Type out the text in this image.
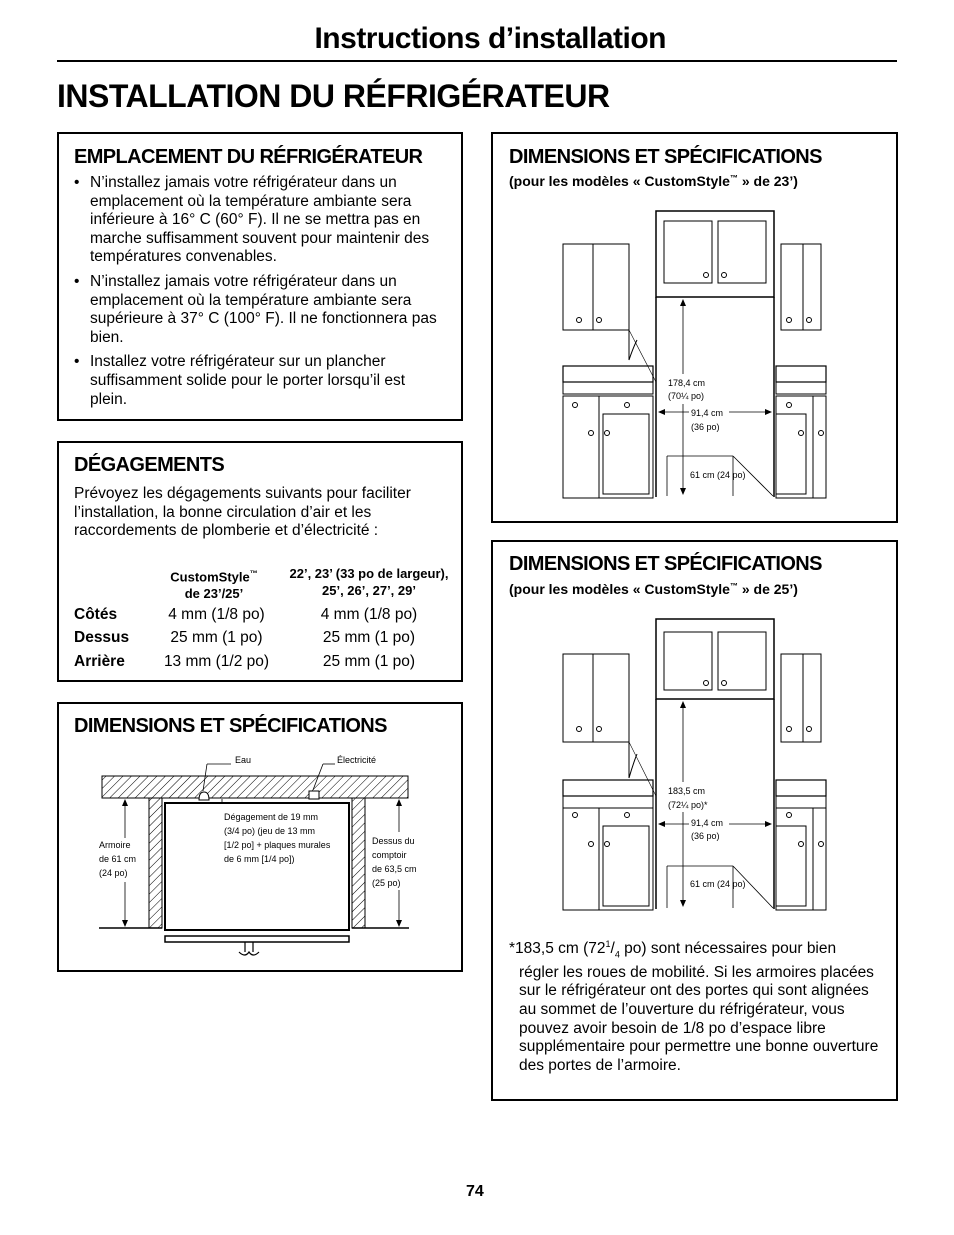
Instructions d’installation
INSTALLATION DU RÉFRIGÉRATEUR
EMPLACEMENT DU RÉFRIGÉRATEUR
• N’installez jamais votre réfrigérateur dans un emplacement où la température ambiante sera inférieure à 16° C (60° F). Il ne se mettra pas en marche suffisamment souvent pour maintenir des températures convenables.
• N’installez jamais votre réfrigérateur dans un emplacement où la température ambiante sera supérieure à 37° C (100° F). Il ne fonctionnera pas bien.
• Installez votre réfrigérateur sur un plancher suffisamment solide pour le porter lorsqu’il est plein.
DÉGAGEMENTS
Prévoyez les dégagements suivants pour faciliter l’installation, la bonne circulation d’air et les raccordements de plomberie et d’électricité :
CustomStyle™
de 23’/25’
22’, 23’ (33 po de largeur),
25’, 26’, 27’, 29’
Côtés	4 mm (1/8 po)	4 mm (1/8 po)
Dessus	25 mm (1 po)	25 mm (1 po)
Arrière	13 mm (1/2 po)	25 mm (1 po)
DIMENSIONS ET SPÉCIFICATIONS
Eau	Électricité
Dégagement de 19 mm
(3/4 po) (jeu de 13 mm
[1/2 po] + plaques murales
de 6 mm [1/4 po])
Armoire
de 61 cm
(24 po)
Dessus du
comptoir
de 63,5 cm
(25 po)
DIMENSIONS ET SPÉCIFICATIONS
(pour les modèles « CustomStyle™ » de 23’)
178,4 cm
(70¼ po)
91,4 cm
(36 po)
61 cm (24 po)
DIMENSIONS ET SPÉCIFICATIONS
(pour les modèles « CustomStyle™ » de 25’)
183,5 cm
(72¼ po)*
91,4 cm
(36 po)
61 cm (24 po)
*183,5 cm ($72^1/_4$ po) sont nécessaires pour bien régler les roues de mobilité. Si les armoires placées sur le réfrigérateur ont des portes qui sont alignées au sommet de l’ouverture du réfrigérateur, vous pouvez avoir besoin de 1/8 po d’espace libre supplémentaire pour permettre une bonne ouverture des portes de l’armoire.
74
